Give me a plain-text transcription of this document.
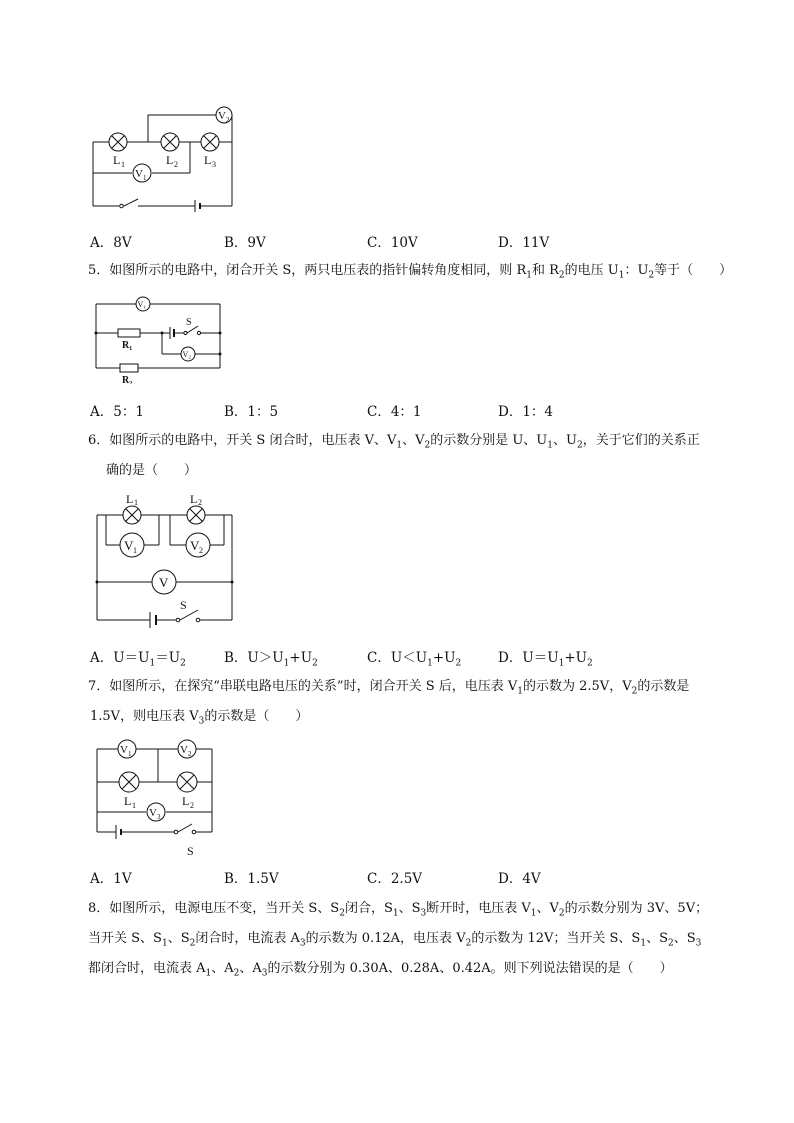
V 2
L 1	L 2 L 3
V 1
A．8V	B．9V	C．10V	D．11V
5．如图所示的电路中，闭合开关 S，两只电压表的指针偏转角度相同，则 $R_1$和 $R_2$的电压 $U_1$：$U_2$等于（　　）
V₁
V₂
S
R₁
R₂
A．5：1	B．1：5	C．4：1	D．1：4
6．如图所示的电路中，开关 S 闭合时，电压表 V、$V_1$、$V_2$的示数分别是 U、$U_1$、$U_2$，关于它们的关系正
确的是（　　）
L 1	L 2
V 1	V 2
V
S
A．$U=U_1=U_2$	B．$U>U_1+U_2$	C．$U<U_1+U_2$	D．$U=U_1+U_2$
7．如图所示，在探究“串联电路电压的关系”时，闭合开关 S 后，电压表 $V_1$的示数为 2.5V，$V_2$的示数是
1.5V，则电压表 $V_3$的示数是（　　）
V 1	V 2
L 1	L 2
V 3
S
A．1V	B．1.5V	C．2.5V	D．4V
8．如图所示，电源电压不变，当开关 S、$S_2$闭合，$S_1$、$S_3$断开时，电压表 $V_1$、$V_2$的示数分别为 3V、5V；
当开关 S、$S_1$、$S_2$闭合时，电流表 $A_3$的示数为 0.12A，电压表 $V_2$的示数为 12V；当开关 S、$S_1$、$S_2$、$S_3$
都闭合时，电流表 $A_1$、$A_2$、$A_3$的示数分别为 0.30A、0.28A、0.42A。则下列说法错误的是（　　）
